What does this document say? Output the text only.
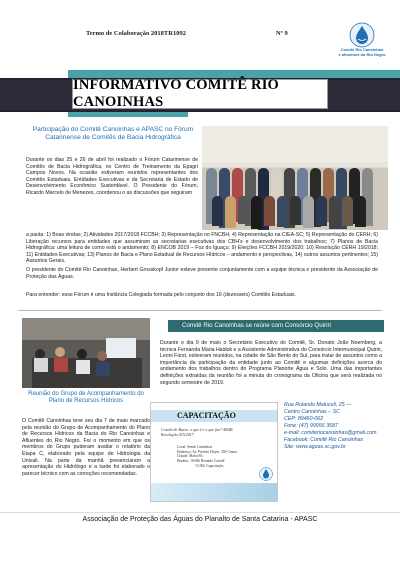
Termo de Colaboração 2018TR1092	Nº 9
Comitê Rio Canoinhas
e afluentes do Rio Negro
INFORMATIVO COMITÊ RIO CANOINHAS
Participação do Comitê Canoinhas e APASC no Fórum Catarinense de Comitês de Bacia Hidrográfica
Durante os dias 25 e 26 de abril foi realizado o Fórum Catarinense de Comitês de Bacia Hidrográfica, no Centro de Treinamento da Epagri Campos Novos. Na ocasião estiveram reunidos representantes dos Comitês Estaduais, Entidades Executivas e da Secretaria de Estado de Desenvolvimento Econômico Sustentável. O Presidente do Fórum, Ricardo Marcelo de Menezes, coordenou o as discussões que seguiram
a pauta: 1) Boas vindas; 2) Atividades 2017/2018 FCCBH; 3) Representação no FNCBH; 4) Representação na CIEA-SC; 5) Representação do CERH; 6) Liberação recursos para entidades que assumiram as secretarias executivas dos CBH's e desenvolvimento dos trabalhos; 7) Planos de Bacia Hidrográfica: uma leitura de como está o andamento; 8) ENCOB 2019 – Foz do Iguaçu; 9) Eleições FCCBH 2019/2020; 10) Resolução CERH 19/2018; 11) Entidades Executivas; 13) Planos de Bacia e Plano Estadual de Recursos Hídricos – andamento e perspectivas, 14) outros assuntos pertinentes; 15) Assuntos Gerais.
O presidente do Comitê Rio Canoinhas, Herbert Grosskopf Junior esteve presente conjuntamente com a equipe técnica e presidente da Associação de Proteção das Águas.
Para entender: esse Fórum é uma Instância Colegiada formada pelo conjunto dos 16 (dezesseis) Comitês Estaduais.
Reunião do Grupo de Acompanhamento do Plano de Recursos Hídricos
O Comitê Canoinhas teve seu dia 7 de maio marcado pela reunião do Grupo de Acompanhamento do Plano de Recursos Hídricos da Bacia do Rio Canoinhas e Afluentes do Rio Negro. Foi o momento em que os membros do Grupo puderam avaliar o relatório da Etapa C, elaborado pela equipe de Hidrologia da Univali. Na parte da manhã presenciaram a apresentação do Hidrólogo e a tarde foi elaborado o parecer técnico com as correções recomendadas.
Comitê Rio Canoinhas se reúne com Consórcio Quiriri
Durante o dia 9 de maio o Secretário Executivo do Comitê, Sr. Donato João Noemberg, a técnica Fernanda Maria Haiduk e a Assistente Administrativa do Consórcio Intermunicipal Quiriri, Leoni Fürst, estiveram reunidos, na cidade de São Bento do Sul, para tratar de assuntos como a importância da participação da entidade junto ao Comitê e algumas definições acerca do andamento dos trabalhos dentro do Programa Planorte Água e Solo. Uma das importantes definições extraídas da reunião foi a minuta do cronograma da Oficina que será realizada no segundo semestre de 2019.
CAPACITAÇÃO
Comitê de Bacia: o que é e o que faz? ABAB
Resolução 015/2017
Local: Senob Canoinhas
Endereço: Av. Prefeito Hoyer, 336-Centro
Cidade: Mafra/SC
Horário: 18:00h Reunião Comitê
13:30h Capacitação
Rua Rolando Maluceli, 25 —
Centro Canoinhas – SC
CEP: 89460-062
Fone: (47) 99956 3587
e-mail: comiteriocanoinhas@gmail.com
Facebook: Comitê Rio Canoinhas
Site: www.aguas.sc.gov.br
Associação de Proteção das Águas do Planalto de Santa Catarina - APASC
